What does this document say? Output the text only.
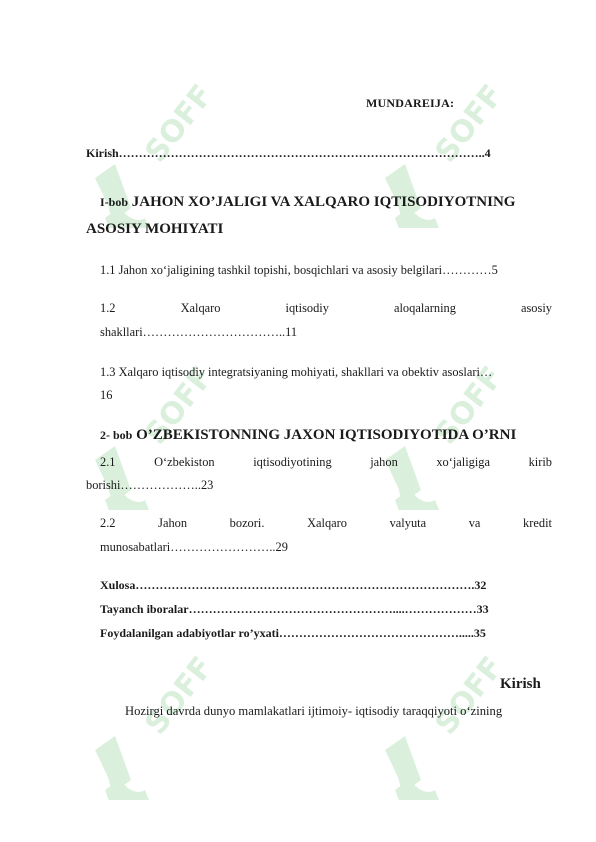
SOFF	SOFF
SOFF	SOFF
SOFF	SOFF
MUNDAREIJA:
Kirish………………………………………………………………………………..4
I-bob JAHON XO’JALIGI VA XALQARO IQTISODIYOTNING
ASOSIY MOHIYATI
1.1 Jahon xo‘jaligining tashkil topishi, bosqichlari va asosiy belgilari…………5
1.2	Xalqaro	iqtisodiy	aloqalarning	asosiy
shakllari……………………………..11
1.3 Xalqaro iqtisodiy integratsiyaning mohiyati, shakllari va obektiv asoslari…
16
2- bob O’ZBEKISTONNING JAXON IQTISODIYOTIDA O’RNI
2.1	O‘zbekiston	iqtisodiyotining	jahon	xo‘jaligiga	kirib
borishi………………..23
2.2	Jahon	bozori.	Xalqaro	valyuta	va	kredit
munosabatlari……………………..29
Xulosa………………………………………………………………………….32
Tayanch iboralar……………………………………………....………………33
Foydalanilgan adabiyotlar ro’yxati……………………………………….....35
Kirish
Hozirgi davrda dunyo mamlakatlari ijtimoiy- iqtisodiy taraqqiyoti o‘zining
